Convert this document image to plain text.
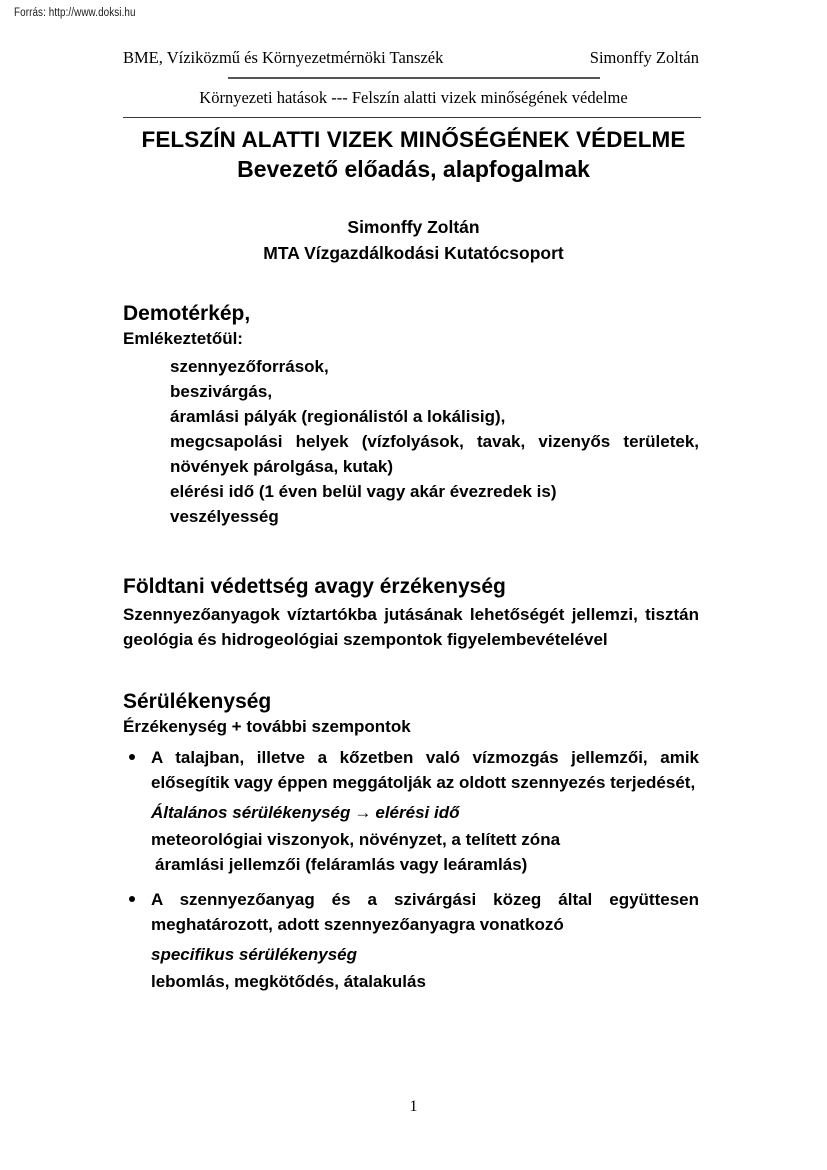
Forrás: http://www.doksi.hu
BME, Víziközmű és Környezetmérnöki Tanszék	Simonffy Zoltán
Környezeti hatások --- Felszín alatti vizek minőségének védelme
FELSZÍN ALATTI VIZEK MINŐSÉGÉNEK VÉDELME
Bevezető előadás, alapfogalmak
Simonffy Zoltán
MTA Vízgazdálkodási Kutatócsoport
Demotérkép,
Emlékeztetőül:
szennyezőforrások,
beszivárgás,
áramlási pályák (regionálistól a lokálisig),
megcsapolási helyek (vízfolyások, tavak, vizenyős területek, növények párolgása, kutak)
elérési idő (1 éven belül vagy akár évezredek is)
veszélyesség
Földtani védettség avagy érzékenység
Szennyezőanyagok víztartókba jutásának lehetőségét jellemzi, tisztán geológia és hidrogeológiai szempontok figyelembevételével
Sérülékenység
Érzékenység + további szempontok
A talajban, illetve a kőzetben való vízmozgás jellemzői, amik elősegítik vagy éppen meggátolják az oldott szennyezés terjedését,
Általános sérülékenység → elérési idő
meteorológiai viszonyok, növényzet, a telített zóna
áramlási jellemzői (feláramlás vagy leáramlás)
A szennyezőanyag és a szivárgási közeg által együttesen meghatározott, adott szennyezőanyagra vonatkozó
specifikus sérülékenység
lebomlás, megkötődés, átalakulás
1
